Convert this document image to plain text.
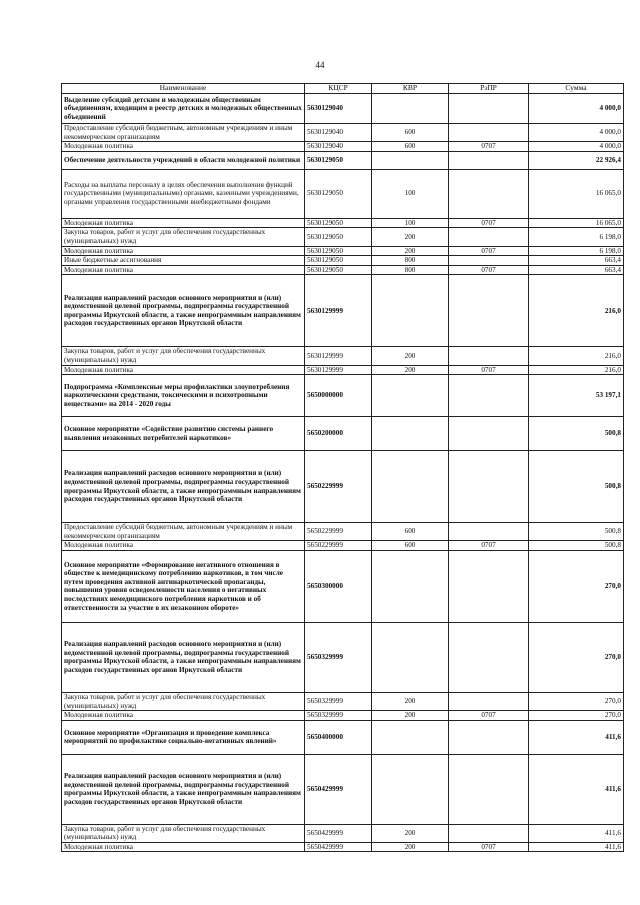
44
Наименование	КЦСР	КВР	РзПР	Сумма
Выделение субсидий детским и молодежным общественным объединениям, входящим в реестр детских и молодежных общественных объединений	5630129040			4 000,0
Предоставление субсидий бюджетным, автономным учреждениям и иным некоммерческим организациям	5630129040	600		4 000,0
Молодежная политика	5630129040	600	0707	4 000,0
Обеспечение деятельности учреждений в области молодежной политики	5630129050			22 926,4
Расходы на выплаты персоналу в целях обеспечения выполнения функций государственными (муниципальными) органами, казенными учреждениями, органами управления государственными внебюджетными фондами	5630129050	100		16 065,0
Молодежная политика	5630129050	100	0707	16 065,0
Закупка товаров, работ и услуг для обеспечения государственных (муниципальных) нужд	5630129050	200		6 198,0
Молодежная политика	5630129050	200	0707	6 198,0
Иные бюджетные ассигнования	5630129050	800		663,4
Молодежная политика	5630129050	800	0707	663,4
Реализация направлений расходов основного мероприятия и (или) ведомственной целевой программы, подпрограммы государственной программы Иркутской области, а также непрограммным направлениям расходов государственных органов Иркутской области	5630129999			216,0
Закупка товаров, работ и услуг для обеспечения государственных (муниципальных) нужд	5630129999	200		216,0
Молодежная политика	5630129999	200	0707	216,0
Подпрограмма «Комплексные меры профилактики злоупотребления наркотическими средствами, токсическими и психотропными веществами» на 2014 - 2020 годы	5650000000			53 197,1
Основное мероприятие «Содействие развитию системы раннего выявления незаконных потребителей наркотиков»	5650200000			500,8
Реализация направлений расходов основного мероприятия и (или) ведомственной целевой программы, подпрограммы государственной программы Иркутской области, а также непрограммным направлениям расходов государственных органов Иркутской области	5650229999			500,8
Предоставление субсидий бюджетным, автономным учреждениям и иным некоммерческим организациям	5650229999	600		500,8
Молодежная политика	5650229999	600	0707	500,8
Основное мероприятие «Формирование негативного отношения в обществе к немедицинскому потреблению наркотиков, в том числе путем проведения активной антинаркотической пропаганды, повышения уровня осведомленности населения о негативных последствиях немедицинского потребления наркотиков и об ответственности за участие в их незаконном обороте»	5650300000			270,0
Реализация направлений расходов основного мероприятия и (или) ведомственной целевой программы, подпрограммы государственной программы Иркутской области, а также непрограммным направлениям расходов государственных органов Иркутской области	5650329999			270,0
Закупка товаров, работ и услуг для обеспечения государственных (муниципальных) нужд	5650329999	200		270,0
Молодежная политика	5650329999	200	0707	270,0
Основное мероприятие «Организация и проведение комплекса мероприятий по профилактике социально-негативных явлений»	5650400000			411,6
Реализация направлений расходов основного мероприятия и (или) ведомственной целевой программы, подпрограммы государственной программы Иркутской области, а также непрограммным направлениям расходов государственных органов Иркутской области	5650429999			411,6
Закупка товаров, работ и услуг для обеспечения государственных (муниципальных) нужд	5650429999	200		411,6
Молодежная политика	5650429999	200	0707	411,6
